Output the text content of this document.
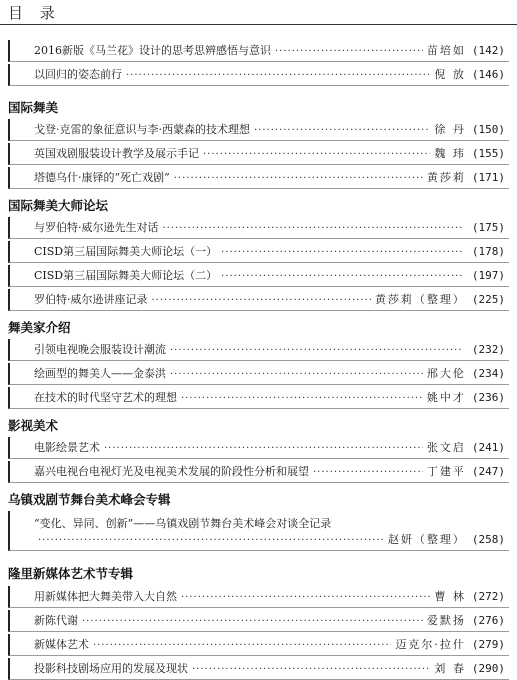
目 录
2016新版《马兰花》设计的思考思辨感悟与意识 ·····	苗培如 (142)
以回归的姿态前行 ·····	倪 放 (146)
国际舞美
戈登·克雷的象征意识与李·西蒙森的技术理想 ·····	徐 丹 (150)
英国戏剧服装设计教学及展示手记 ·····	魏 玮 (155)
塔德乌什·康铎的“死亡戏剧” ·····	黄莎莉 (171)
国际舞美大师论坛
与罗伯特·威尔逊先生对话 ·····	(175)
CISD第三届国际舞美大师论坛（一） ·····	(178)
CISD第三届国际舞美大师论坛（二） ·····	(197)
罗伯特·威尔逊讲座记录 ·····	黄莎莉（整理） (225)
舞美家介绍
引领电视晚会服装设计潮流 ·····	(232)
绘画型的舞美人——金泰洪 ·····	邢大伦 (234)
在技术的时代坚守艺术的理想 ·····	姚中才 (236)
影视美术
电影绘景艺术 ·····	张文启 (241)
嘉兴电视台电视灯光及电视美术发展的阶段性分析和展望 ·····	丁建平 (247)
乌镇戏剧节舞台美术峰会专辑
“变化、异同、创新”——乌镇戏剧节舞台美术峰会对谈全记录
·····
赵妍（整理） (258)
隆里新媒体艺术节专辑
用新媒体把大舞美带入大自然 ·····	曹 林 (272)
新陈代谢 ·····	爱默扬 (276)
新媒体艺术 ·····	迈克尔·拉什 (279)
投影科技剧场应用的发展及现状 ·····	刘 春 (290)
